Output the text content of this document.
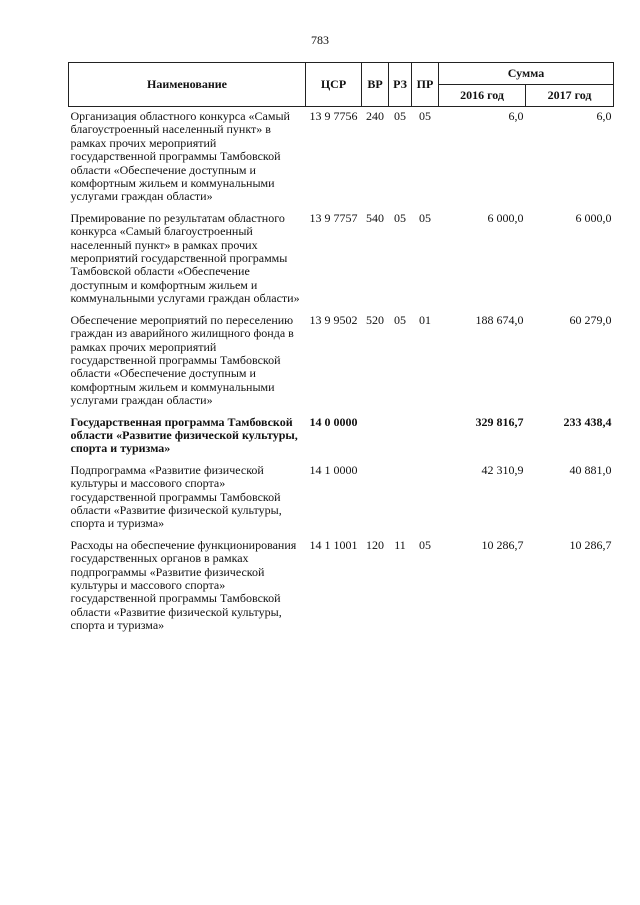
783
Наименование	ЦСР	ВР	РЗ	ПР	Сумма	
					2016 год	2017 год
Организация областного конкурса «Самый благоустроенный населенный пункт» в рамках прочих мероприятий государственной программы Тамбовской области «Обеспечение доступным и комфортным жильем и коммунальными услугами граждан области»	13 9 7756	240	05	05	6,0	6,0
Премирование по результатам областного конкурса «Самый благоустроенный населенный пункт» в рамках прочих мероприятий государственной программы Тамбовской области «Обеспечение доступным и комфортным жильем и коммунальными услугами граждан области»	13 9 7757	540	05	05	6 000,0	6 000,0
Обеспечение мероприятий по переселению граждан из аварийного жилищного фонда в рамках прочих мероприятий государственной программы Тамбовской области «Обеспечение доступным и комфортным жильем и коммунальными услугами граждан области»	13 9 9502	520	05	01	188 674,0	60 279,0
Государственная программа Тамбовской области «Развитие физической культуры, спорта и туризма»	14 0 0000				329 816,7	233 438,4
Подпрограмма «Развитие физической культуры и массового спорта» государственной программы Тамбовской области «Развитие физической культуры, спорта и туризма»	14 1 0000				42 310,9	40 881,0
Расходы на обеспечение функционирования государственных органов в рамках подпрограммы «Развитие физической культуры и массового спорта» государственной программы Тамбовской области «Развитие физической культуры, спорта и туризма»	14 1 1001	120	11	05	10 286,7	10 286,7
